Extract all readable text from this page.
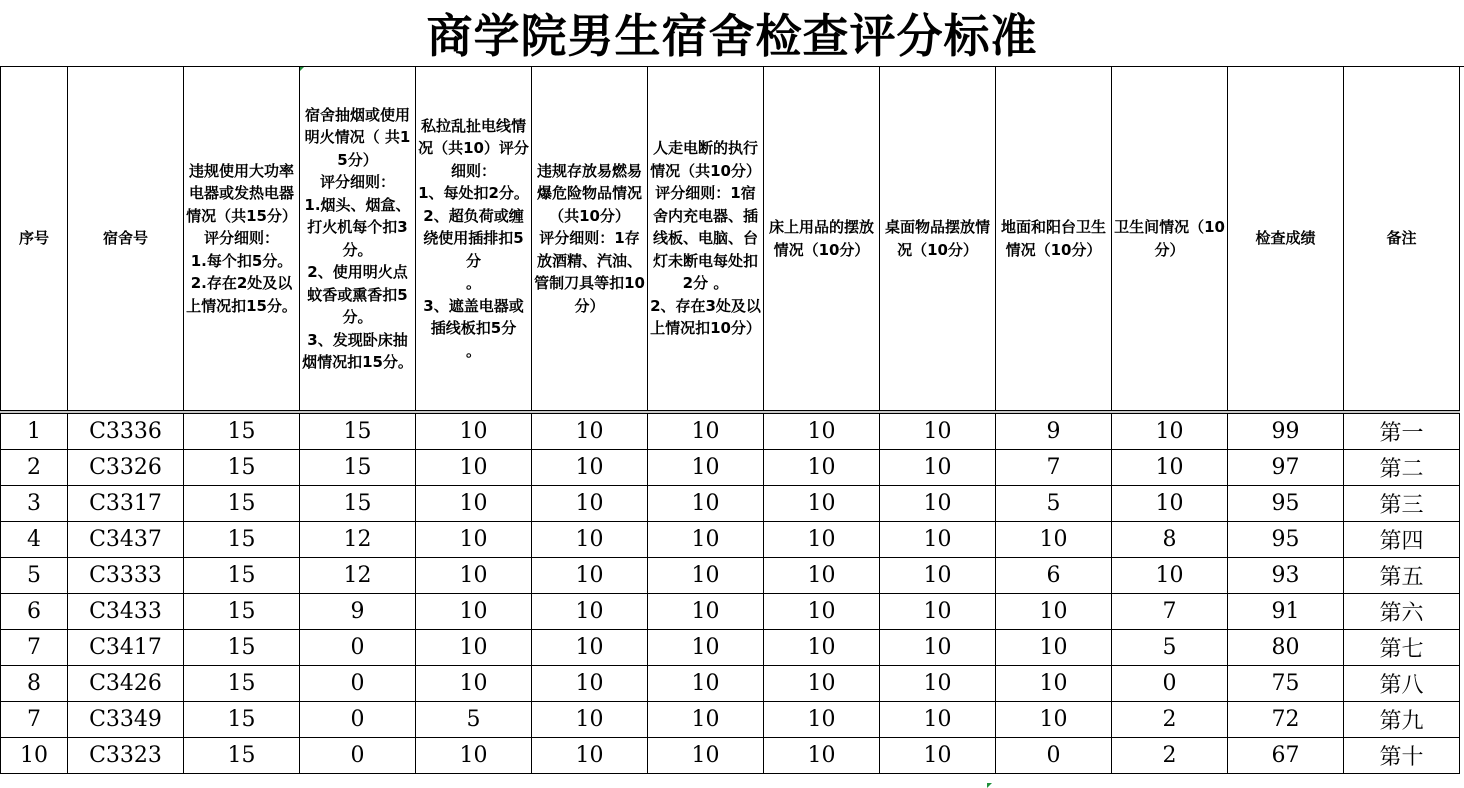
商学院男生宿舍检查评分标准
序号	宿舍号	违规使用大功率电器或发热电器情况（共15分）
评分细则：
1.每个扣5分。 2.存在2处及以上情况扣15分。	宿舍抽烟或使用明火情况（ 共15分）
评分细则：
1.烟头、烟盒、打火机每个扣3分。
2、使用明火点蚊香或熏香扣5分。
3、发现卧床抽烟情况扣15分。	私拉乱扯电线情况（共10）评分细则：
1、每处扣2分。2、超负荷或缠绕使用插排扣5分
。
3、遮盖电器或插线板扣5分
。	违规存放易燃易爆危险物品情况（共10分）
评分细则：1存放酒精、汽油、管制刀具等扣10分）	人走电断的执行情况（共10分）
评分细则：1宿舍内充电器、插线板、电脑、台灯未断电每处扣2分 。
2、存在3处及以上情况扣10分）	床上用品的摆放情况（10分）	桌面物品摆放情况（10分）	地面和阳台卫生情况（10分）	卫生间情况（10分）	检查成绩	备注

1	C3336	15	15	10	10	10	10	10	9	10	99	第一
2	C3326	15	15	10	10	10	10	10	7	10	97	第二
3	C3317	15	15	10	10	10	10	10	5	10	95	第三
4	C3437	15	12	10	10	10	10	10	10	8	95	第四
5	C3333	15	12	10	10	10	10	10	6	10	93	第五
6	C3433	15	9	10	10	10	10	10	10	7	91	第六
7	C3417	15	0	10	10	10	10	10	10	5	80	第七
8	C3426	15	0	10	10	10	10	10	10	0	75	第八
7	C3349	15	0	5	10	10	10	10	10	2	72	第九
10	C3323	15	0	10	10	10	10	10	0	2	67	第十
